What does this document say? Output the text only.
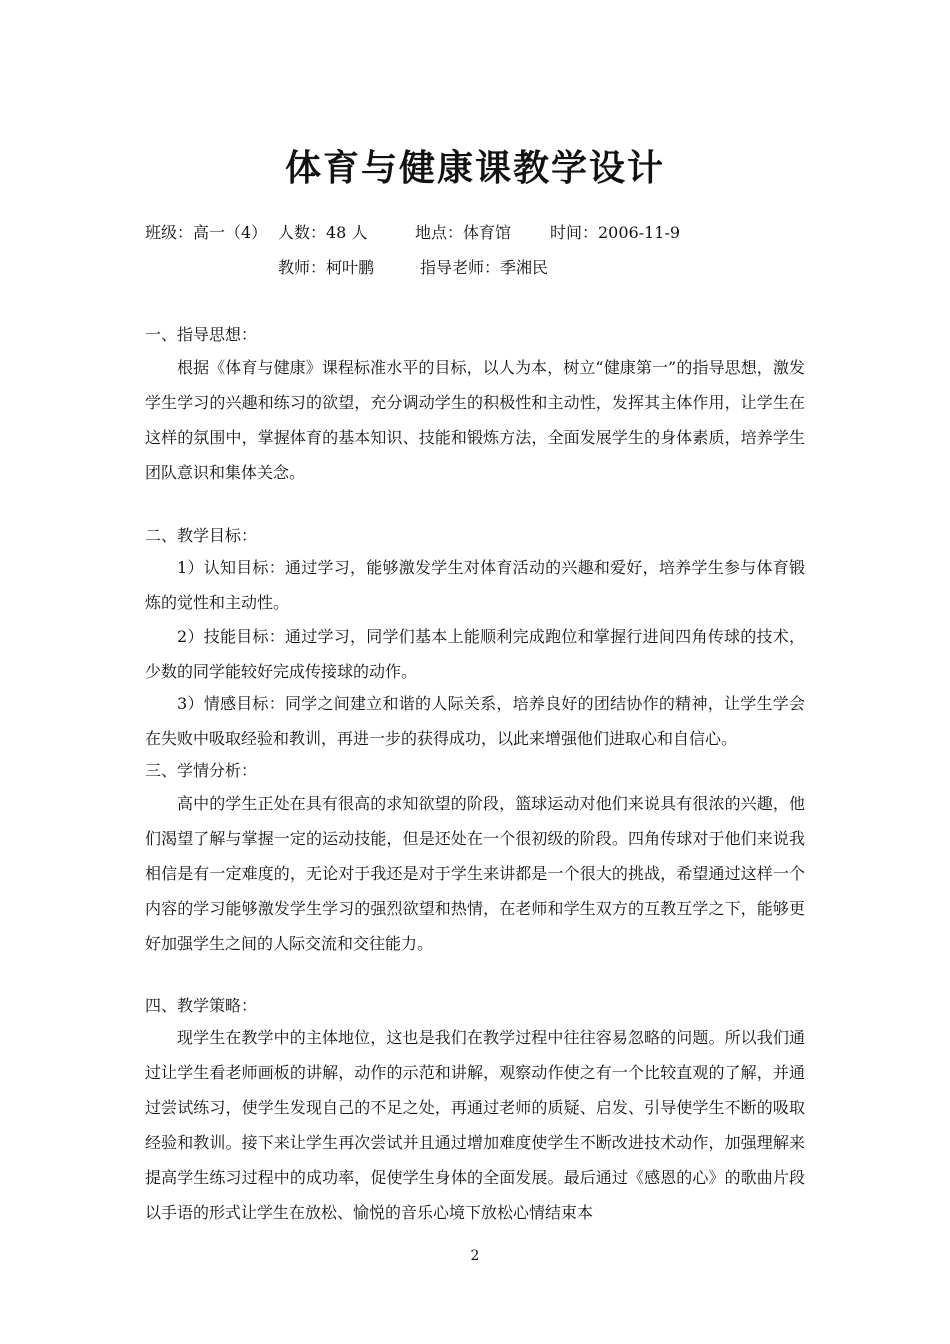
体育与健康课教学设计
班级：高一（4） 人数：48 人	地点：体育馆 时间：2006-11-9
教师：柯叶鹏	指导老师：季湘民
一、指导思想：

根据《体育与健康》课程标准水平的目标，以人为本，树立“健康第一”的指导思想，激发学生学习的兴趣和练习的欲望，充分调动学生的积极性和主动性，发挥其主体作用，让学生在这样的氛围中，掌握体育的基本知识、技能和锻炼方法，全面发展学生的身体素质，培养学生团队意识和集体关念。

二、教学目标：

1）认知目标：通过学习，能够激发学生对体育活动的兴趣和爱好，培养学生参与体育锻炼的觉性和主动性。

2）技能目标：通过学习，同学们基本上能顺利完成跑位和掌握行进间四角传球的技术，少数的同学能较好完成传接球的动作。

3）情感目标：同学之间建立和谐的人际关系，培养良好的团结协作的精神，让学生学会在失败中吸取经验和教训，再进一步的获得成功，以此来增强他们进取心和自信心。

三、学情分析：

高中的学生正处在具有很高的求知欲望的阶段，篮球运动对他们来说具有很浓的兴趣，他们渴望了解与掌握一定的运动技能，但是还处在一个很初级的阶段。四角传球对于他们来说我相信是有一定难度的，无论对于我还是对于学生来讲都是一个很大的挑战，希望通过这样一个内容的学习能够激发学生学习的强烈欲望和热情，在老师和学生双方的互教互学之下，能够更好加强学生之间的人际交流和交往能力。

四、教学策略：

现学生在教学中的主体地位，这也是我们在教学过程中往往容易忽略的问题。所以我们通过让学生看老师画板的讲解，动作的示范和讲解，观察动作使之有一个比较直观的了解，并通过尝试练习，使学生发现自己的不足之处，再通过老师的质疑、启发、引导使学生不断的吸取经验和教训。接下来让学生再次尝试并且通过增加难度使学生不断改进技术动作，加强理解来提高学生练习过程中的成功率，促使学生身体的全面发展。最后通过《感恩的心》的歌曲片段以手语的形式让学生在放松、愉悦的音乐心境下放松心情结束本

2
